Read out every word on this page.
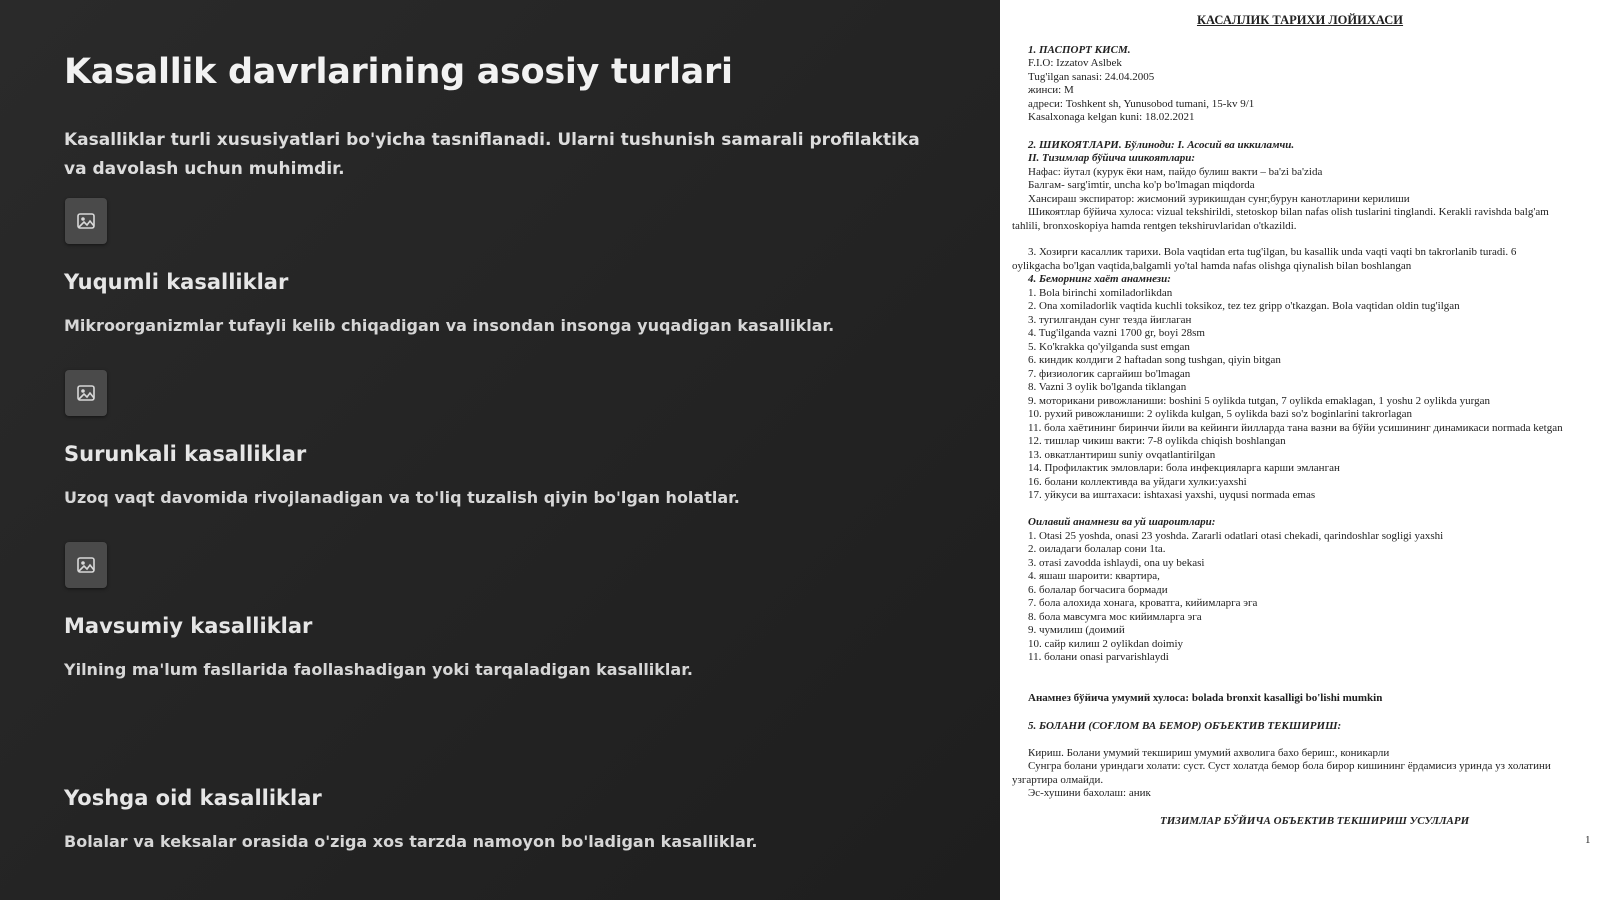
Kasallik davrlarining asosiy turlari
Kasalliklar turli xususiyatlari bo'yicha tasniflanadi. Ularni tushunish samarali profilaktika va davolash uchun muhimdir.
Yuqumli kasalliklar
Mikroorganizmlar tufayli kelib chiqadigan va insondan insonga yuqadigan kasalliklar.
Surunkali kasalliklar
Uzoq vaqt davomida rivojlanadigan va to'liq tuzalish qiyin bo'lgan holatlar.
Mavsumiy kasalliklar
Yilning ma'lum fasllarida faollashadigan yoki tarqaladigan kasalliklar.
Yoshga oid kasalliklar
Bolalar va keksalar orasida o'ziga xos tarzda namoyon bo'ladigan kasalliklar.
КАСАЛЛИК ТАРИХИ ЛОЙИХАСИ
1. ПАСПОРТ КИСМ.
F.I.O: Izzatov Aslbek
Tug'ilgan sanasi: 24.04.2005
жинси: M
адреси: Toshkent sh, Yunusobod tumani, 15-kv 9/1
Kasalxonaga kelgan kuni: 18.02.2021
2. ШИКОЯТЛАРИ. Бўлиноди: I. Асосий ва иккиламчи.
II. Тизимлар бўйича шикоятлари:
Нафас: йутал (курук ёки нам, пайдо булиш вакти – ba'zi ba'zida
Балгам- sarg'imtir, uncha ko'p bo'lmagan miqdorda
Хансираш экспиратор: жисмоний зурикишдан сунг,бурун канотларини керилиши
Шикоятлар бўйича хулоса: vizual tekshirildi, stetoskop bilan nafas olish tuslarini tinglandi. Kerakli ravishda balg'am
tahlili, bronxoskopiya hamda rentgen tekshiruvlaridan o'tkazildi.
3. Хозирги касаллик тарихи. Bola vaqtidan erta tug'ilgan, bu kasallik unda vaqti vaqti bn takrorlanib turadi. 6
oylikgacha bo'lgan vaqtida,balgamli yo'tal hamda nafas olishga qiynalish bilan boshlangan
4. Беморнинг хаёт анамнези:
1. Bola birinchi xomiladorlikdan
2. Ona xomiladorlik vaqtida kuchli toksikoz, tez tez gripp o'tkazgan. Bola vaqtidan oldin tug'ilgan
3. тугилгандан сунг тезда йиглаган
4. Tug'ilganda vazni 1700 gr, boyi 28sm
5. Ko'krakka qo'yilganda sust emgan
6. киндик колдиги 2 haftadan song tushgan, qiyin bitgan
7. физиологик саргайиш bo'lmagan
8. Vazni 3 oylik bo'lganda tiklangan
9. моторикани ривожланиши: boshini 5 oylikda tutgan, 7 oylikda emaklagan, 1 yoshu 2 oylikda yurgan
10. рухий ривожланиши: 2 oylikda kulgan, 5 oylikda bazi so'z boginlarini takrorlagan
11. бола хаётининг биринчи йили ва кейинги йилларда тана вазни ва бўйи усишининг динамикаси normada ketgan
12. тишлар чикиш вакти: 7-8 oylikda chiqish boshlangan
13. овкатлантириш suniy ovqatlantirilgan
14. Профилактик эмловлари: бола инфекцияларга карши эмланган
16. болани коллективда ва уйдаги хулки:yaxshi
17. уйкуси ва иштахаси: ishtaxasi yaxshi, uyqusi normada emas
Оилавий анамнези ва уй шароитлари:
1. Otasi 25 yoshda, onasi 23 yoshda. Zararli odatlari otasi chekadi, qarindoshlar sogligi yaxshi
2. оиладаги болалар сони 1ta.
3. отаsi zavodda ishlaydi, ona uy bekasi
4. яшаш шароити: квартира,
6. болалар богчасига бормади
7. бола алохида хонага, кроватга, кийимларга эга
8. бола мавсумга мос кийимларга эга
9. чумилиш (доимий
10. сайр килиш 2 oylikdan doimiy
11. болани onasi parvarishlaydi
Анамнез бўйича умумий хулоса: bolada bronxit kasalligi bo'lishi mumkin
5. БОЛАНИ (СОҒЛОМ ВА БЕМОР) ОБЪЕКТИВ ТЕКШИРИШ:
Кириш. Болани умумий текшириш умумий ахволига бахо бериш:, коникарли
Сунгра болани уриндаги холати: суст. Суст холатда бемор бола бирор кишининг ёрдамисиз уринда уз холатини
узгартира олмайди.
Эс-хушини бахолаш: аник
ТИЗИМЛАР БЎЙИЧА ОБЪЕКТИВ ТЕКШИРИШ УСУЛЛАРИ
1
